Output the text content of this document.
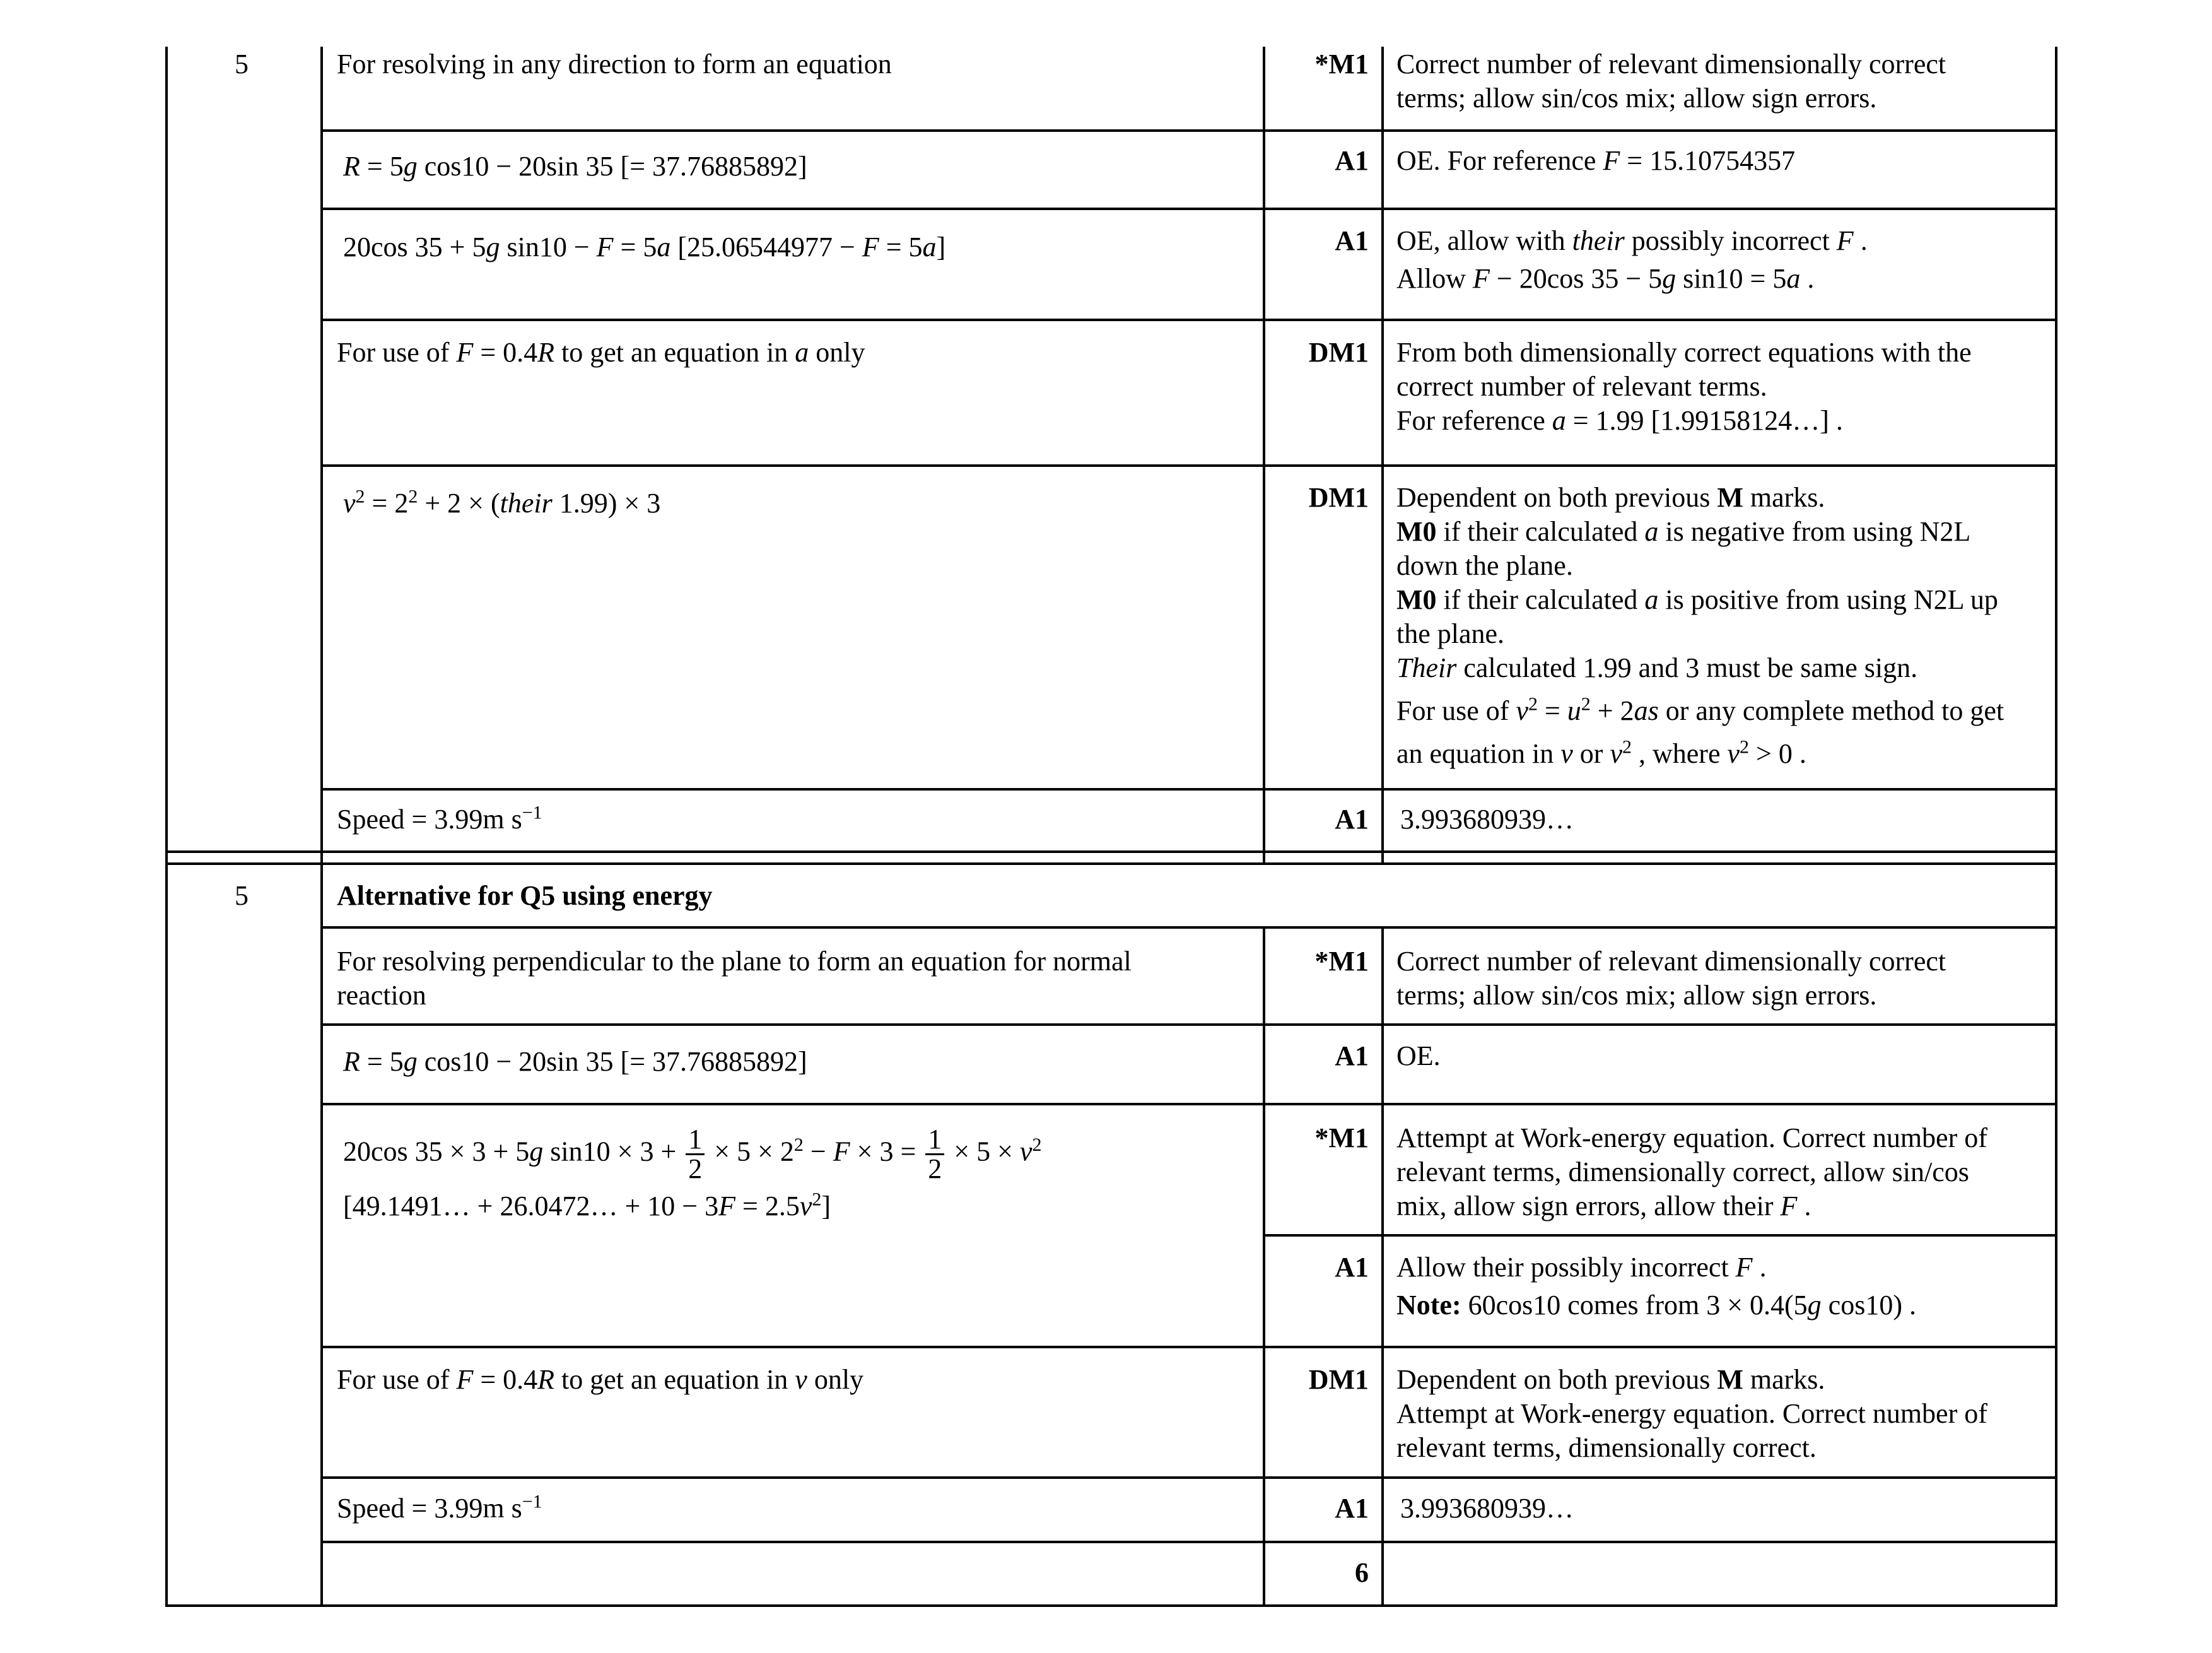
5	For resolving in any direction to form an equation	*M1 Correct number of relevant dimensionally correct
terms; allow sin/cos mix; allow sign errors.
R = 5g cos10 − 20sin 35 [= 37.76885892]	A1 OE. For reference F = 15.10754357
20cos 35 + 5g sin10 − F = 5a [25.06544977 − F = 5a]	A1 OE, allow with their possibly incorrect F .
Allow F − 20cos 35 − 5g sin10 = 5a .
For use of F = 0.4R to get an equation in a only	DM1 From both dimensionally correct equations with the
correct number of relevant terms.
For reference a = 1.99 [1.99158124…] .
$v^2 = 2^2 + 2$ × (their 1.99) × 3	DM1 Dependent on both previous M marks.
M0 if their calculated a is negative from using N2L
down the plane.
M0 if their calculated a is positive from using N2L up
the plane.
Their calculated 1.99 and 3 must be same sign.
For use of $v^2 = u^2 + 2as$ or any complete method to get
an equation in v or $v^2$ , where $v^2 > 0$ .
Speed = 3.99m $s^{-1}$	A1 3.993680939…
5	Alternative for Q5 using energy
For resolving perpendicular to the plane to form an equation for normal
reaction
*M1 Correct number of relevant dimensionally correct
terms; allow sin/cos mix; allow sign errors.
R = 5g cos10 − 20sin 35 [= 37.76885892]	A1 OE.
20cos 35 × 3 + 5g $\sin 10 \times 3 + \frac{1}{2} \times 5 \times 2^2 - F \times 3 = \frac{1}{2} \times 5 \times v^2$
[49.1491… + 26.0472… + $10 - 3F = 2.5v^2$]
*M1 Attempt at Work-energy equation. Correct number of
relevant terms, dimensionally correct, allow sin/cos
mix, allow sign errors, allow their F .
A1 Allow their possibly incorrect F .
Note: 60cos10 comes from 3 × 0.4(5g cos10) .
For use of F = 0.4R to get an equation in v only	DM1 Dependent on both previous M marks.
Attempt at Work-energy equation. Correct number of
relevant terms, dimensionally correct.
Speed = 3.99m $s^{-1}$	A1 3.993680939…
6
